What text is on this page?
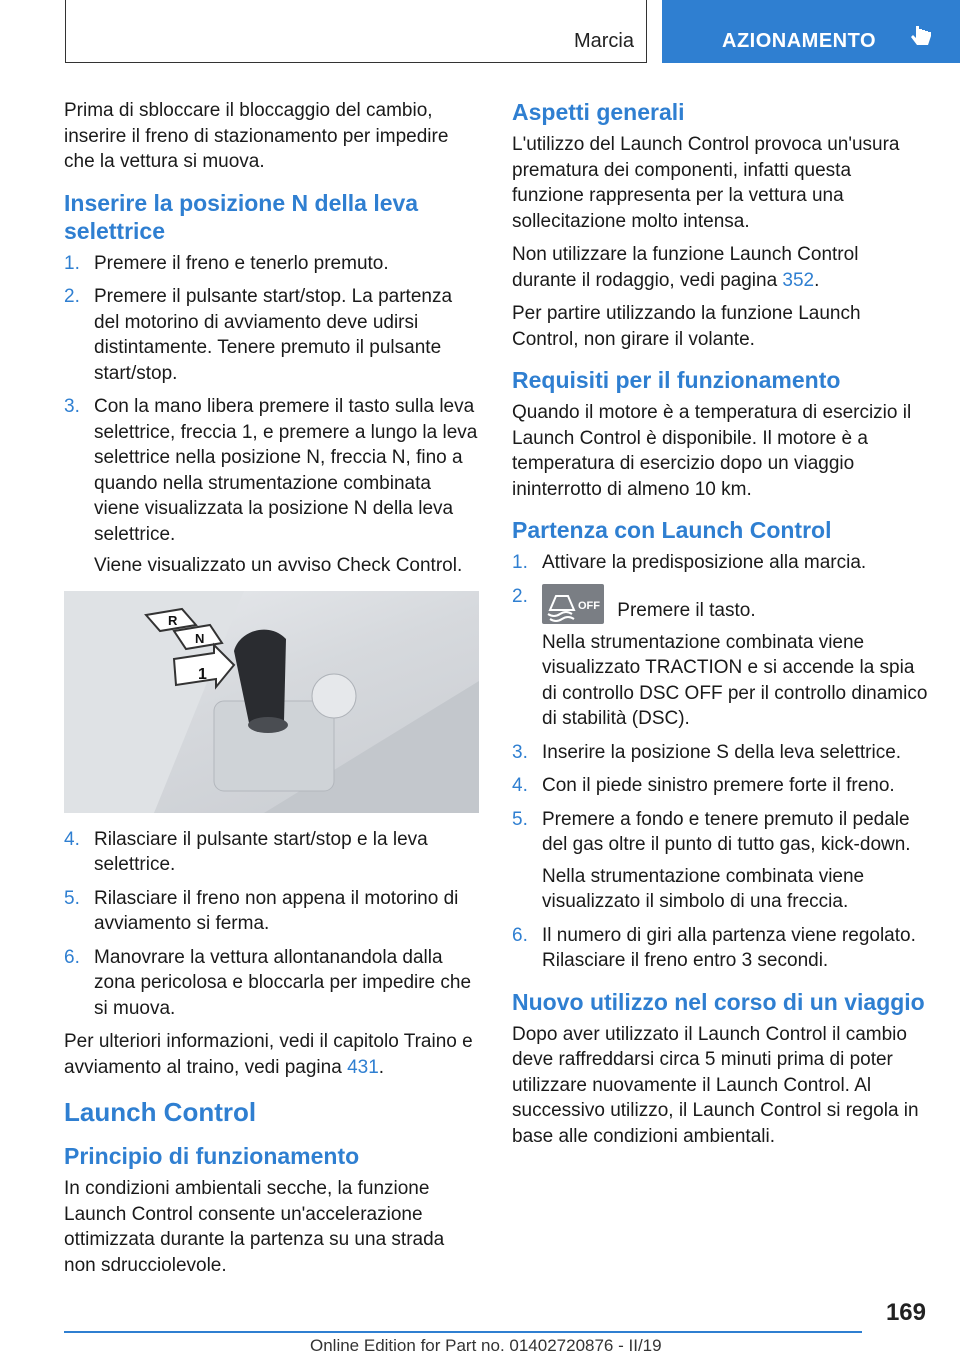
Marcia	AZIONAMENTO

Prima di sbloccare il bloccaggio del cambio, inserire il freno di stazionamento per impedire che la vettura si muova.

Inserire la posizione N della leva selettrice
1. Premere il freno e tenerlo premuto.
2. Premere il pulsante start/stop. La partenza del motorino di avviamento deve udirsi distintamente. Tenere premuto il pulsante start/stop.
3. Con la mano libera premere il tasto sulla leva selettrice, freccia 1, e premere a lungo la leva selettrice nella posizione N, freccia N, fino a quando nella strumentazione combinata viene visualizzata la posizione N della leva selettrice.
Viene visualizzato un avviso Check Control.
R
N
1
4. Rilasciare il pulsante start/stop e la leva selettrice.
5. Rilasciare il freno non appena il motorino di avviamento si ferma.
6. Manovrare la vettura allontanandola dalla zona pericolosa e bloccarla per impedire che si muova.

Per ulteriori informazioni, vedi il capitolo Traino e avviamento al traino, vedi pagina 431.

Launch Control
Principio di funzionamento

In condizioni ambientali secche, la funzione Launch Control consente un'accelerazione ottimizzata durante la partenza su una strada non sdrucciolevole.

Aspetti generali

L'utilizzo del Launch Control provoca un'usura prematura dei componenti, infatti questa funzione rappresenta per la vettura una sollecitazione molto intensa.

Non utilizzare la funzione Launch Control durante il rodaggio, vedi pagina 352.

Per partire utilizzando la funzione Launch Control, non girare il volante.

Requisiti per il funzionamento

Quando il motore è a temperatura di esercizio il Launch Control è disponibile. Il motore è a temperatura di esercizio dopo un viaggio ininterrotto di almeno 10 km.

Partenza con Launch Control
1. Attivare la predisposizione alla marcia.
2.	OFF Premere il tasto.
Nella strumentazione combinata viene visualizzato TRACTION e si accende la spia di controllo DSC OFF per il controllo dinamico di stabilità (DSC).
3. Inserire la posizione S della leva selettrice.
4. Con il piede sinistro premere forte il freno.
5. Premere a fondo e tenere premuto il pedale del gas oltre il punto di tutto gas, kick-down.
Nella strumentazione combinata viene visualizzato il simbolo di una freccia.
6. Il numero di giri alla partenza viene regolato. Rilasciare il freno entro 3 secondi.
Nuovo utilizzo nel corso di un viaggio

Dopo aver utilizzato il Launch Control il cambio deve raffreddarsi circa 5 minuti prima di poter utilizzare nuovamente il Launch Control. Al successivo utilizzo, il Launch Control si regola in base alle condizioni ambientali.

169
Online Edition for Part no. 01402720876 - II/19
